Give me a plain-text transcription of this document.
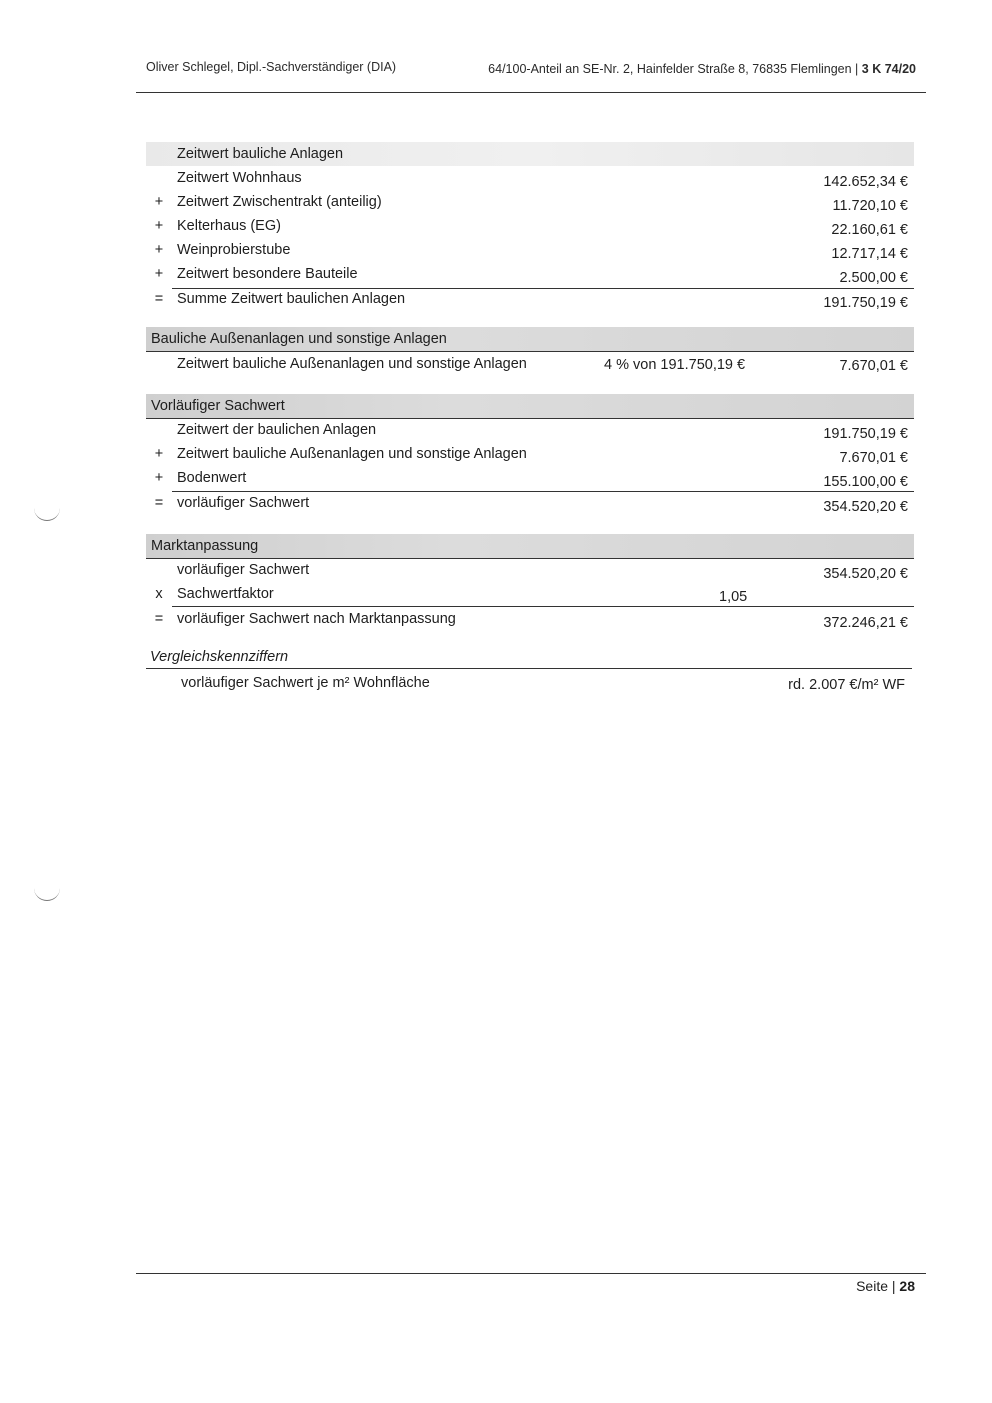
Oliver Schlegel, Dipl.-Sachverständiger (DIA)	64/100-Anteil an SE-Nr. 2, Hainfelder Straße 8, 76835 Flemlingen | 3 K 74/20
Zeitwert bauliche Anlagen
Zeitwert Wohnhaus	142.652,34 €
+ Zeitwert Zwischentrakt (anteilig)	11.720,10 €
+ Kelterhaus (EG)	22.160,61 €
+ Weinprobierstube	12.717,14 €
+ Zeitwert besondere Bauteile	2.500,00 €
= Summe Zeitwert baulichen Anlagen	191.750,19 €
Bauliche Außenanlagen und sonstige Anlagen
Zeitwert bauliche Außenanlagen und sonstige Anlagen	4 % von 191.750,19 €	7.670,01 €
Vorläufiger Sachwert
Zeitwert der baulichen Anlagen	191.750,19 €
+ Zeitwert bauliche Außenanlagen und sonstige Anlagen	7.670,01 €
+ Bodenwert	155.100,00 €
= vorläufiger Sachwert	354.520,20 €
Marktanpassung
vorläufiger Sachwert	354.520,20 €
x Sachwertfaktor	1,05
= vorläufiger Sachwert nach Marktanpassung	372.246,21 €
Vergleichskennziffern
vorläufiger Sachwert je m² Wohnfläche	rd. 2.007 €/m² WF
Seite | 28
